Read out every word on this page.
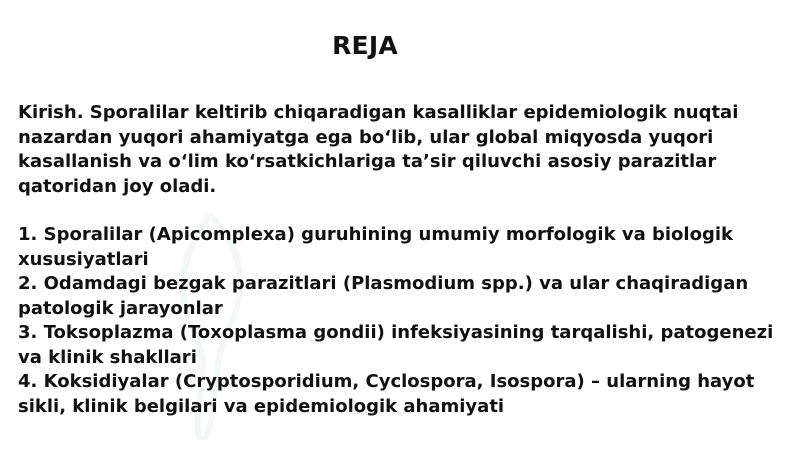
REJA

Kirish. Sporalilar keltirib chiqaradigan kasalliklar epidemiologik nuqtai nazardan yuqori ahamiyatga ega bo‘lib, ular global miqyosda yuqori kasallanish va o‘lim ko‘rsatkichlariga ta’sir qiluvchi asosiy parazitlar qatoridan joy oladi.

1. Sporalilar (Apicomplexa) guruhining umumiy morfologik va biologik xususiyatlari
2. Odamdagi bezgak parazitlari (Plasmodium spp.) va ular chaqiradigan patologik jarayonlar
3. Toksoplazma (Toxoplasma gondii) infeksiyasining tarqalishi, patogenezi va klinik shakllari
4. Koksidiyalar (Cryptosporidium, Cyclospora, Isospora) – ularning hayot sikli, klinik belgilari va epidemiologik ahamiyati
